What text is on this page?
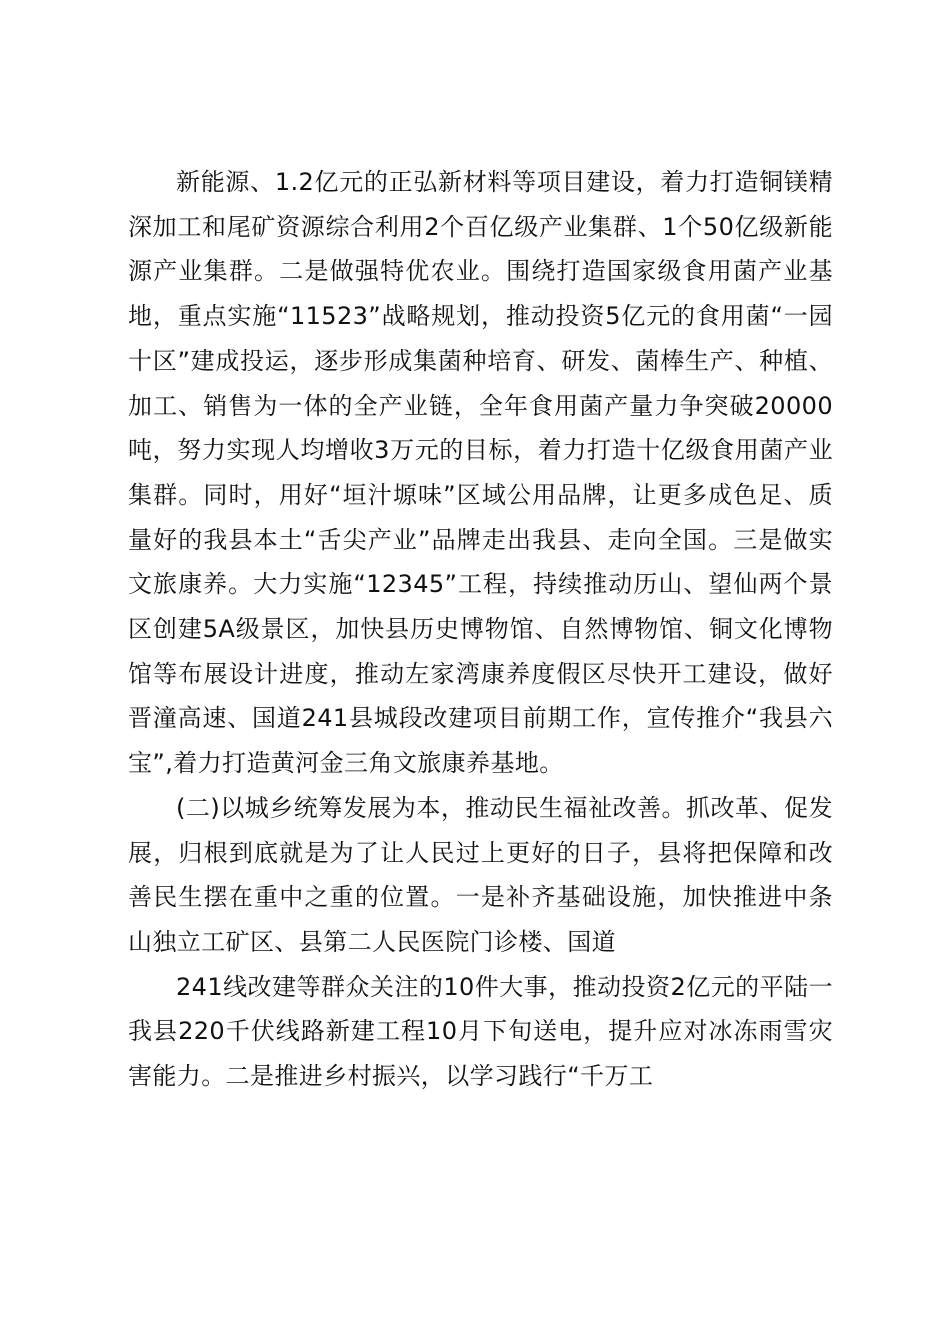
新能源、1.2亿元的正弘新材料等项目建设，着力打造铜镁精深加工和尾矿资源综合利用2个百亿级产业集群、1个50亿级新能源产业集群。二是做强特优农业。围绕打造国家级食用菌产业基地，重点实施“11523”战略规划，推动投资5亿元的食用菌“一园十区”建成投运，逐步形成集菌种培育、研发、菌棒生产、种植、加工、销售为一体的全产业链，全年食用菌产量力争突破20000吨，努力实现人均增收3万元的目标，着力打造十亿级食用菌产业集群。同时，用好“垣汁塬味”区域公用品牌，让更多成色足、质量好的我县本土“舌尖产业”品牌走出我县、走向全国。三是做实文旅康养。大力实施“12345”工程，持续推动历山、望仙两个景区创建5A级景区，加快县历史博物馆、自然博物馆、铜文化博物馆等布展设计进度，推动左家湾康养度假区尽快开工建设，做好晋潼高速、国道241县城段改建项目前期工作，宣传推介“我县六宝”,着力打造黄河金三角文旅康养基地。

(二)以城乡统筹发展为本，推动民生福祉改善。抓改革、促发展，归根到底就是为了让人民过上更好的日子，县将把保障和改善民生摆在重中之重的位置。一是补齐基础设施，加快推进中条山独立工矿区、县第二人民医院门诊楼、国道

241线改建等群众关注的10件大事，推动投资2亿元的平陆一我县220千伏线路新建工程10月下旬送电，提升应对冰冻雨雪灾害能力。二是推进乡村振兴，以学习践行“千万工
